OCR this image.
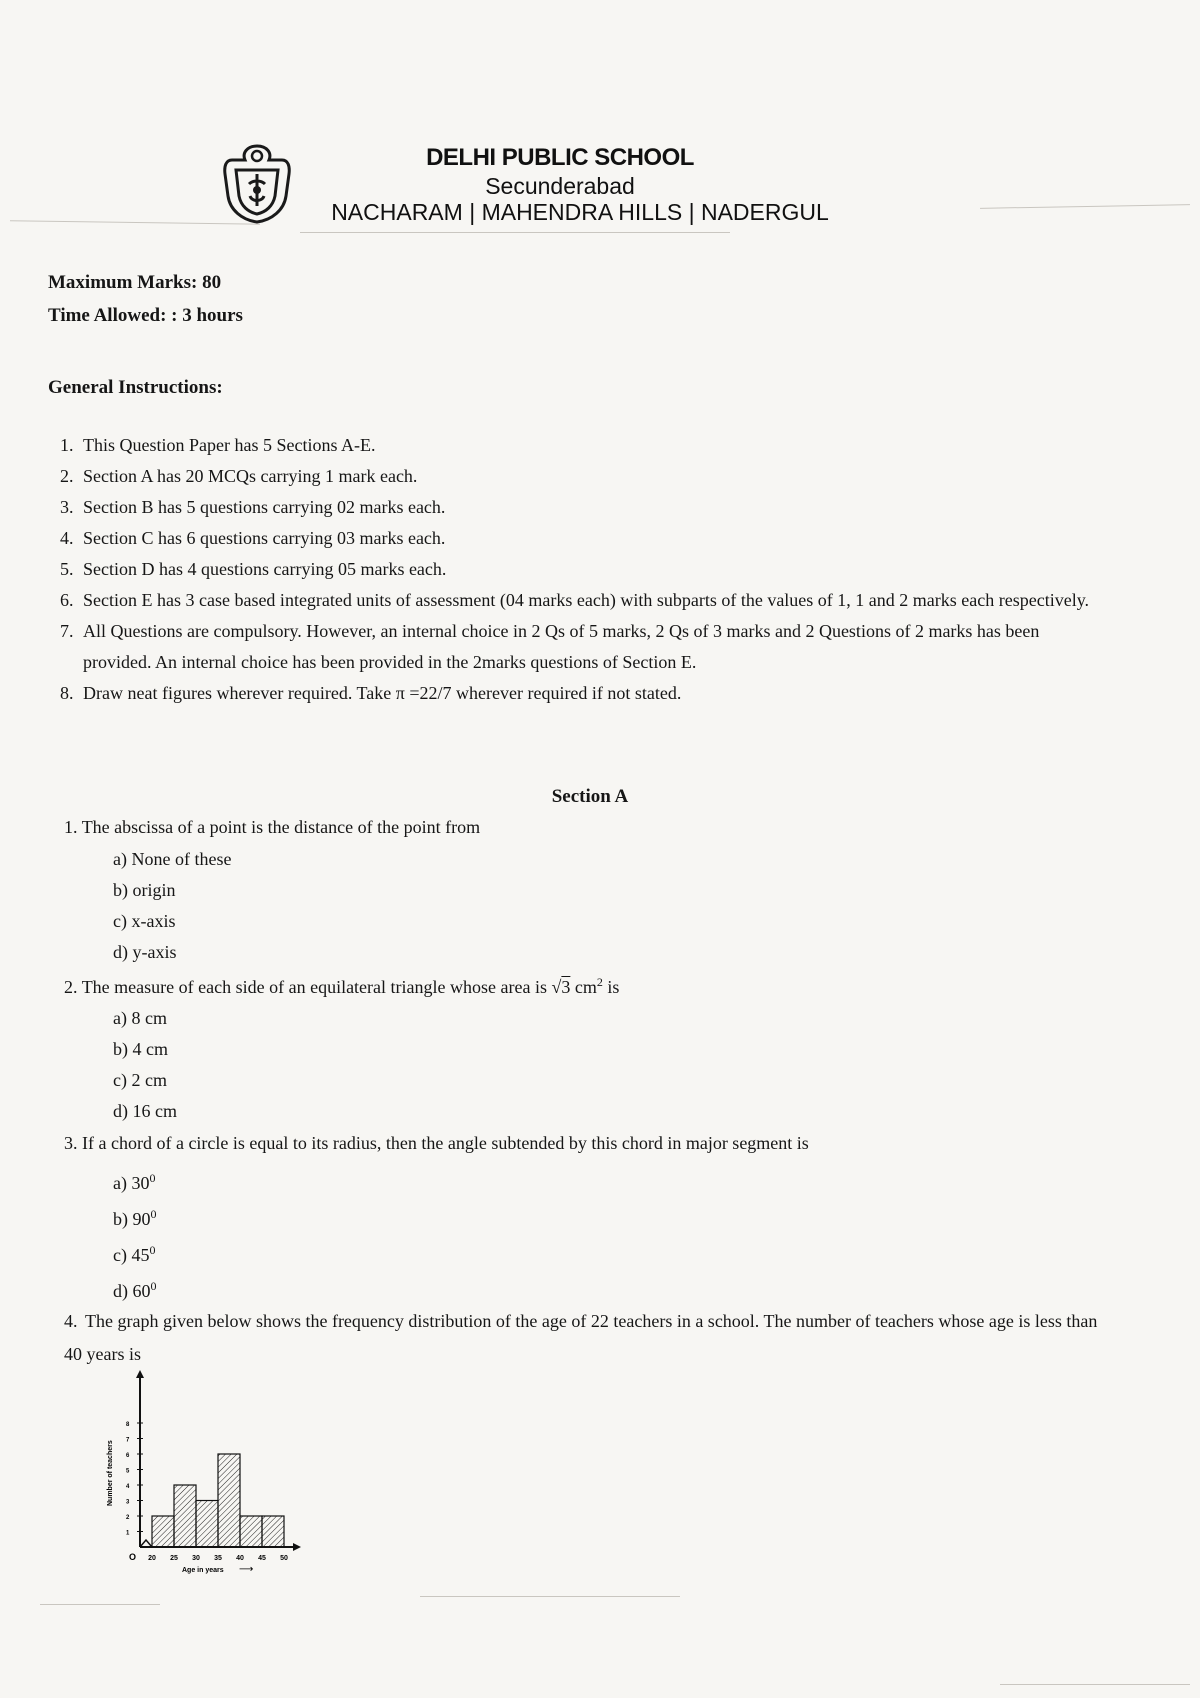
DELHI PUBLIC SCHOOL
Secunderabad
NACHARAM | MAHENDRA HILLS | NADERGUL
Maximum Marks: 80
Time Allowed: : 3 hours
General Instructions:
1. This Question Paper has 5 Sections A-E.
2. Section A has 20 MCQs carrying 1 mark each.
3. Section B has 5 questions carrying 02 marks each.
4. Section C has 6 questions carrying 03 marks each.
5. Section D has 4 questions carrying 05 marks each.
6. Section E has 3 case based integrated units of assessment (04 marks each) with subparts of the values of 1, 1 and 2 marks each respectively.
7. All Questions are compulsory. However, an internal choice in 2 Qs of 5 marks, 2 Qs of 3 marks and 2 Questions of 2 marks has been provided. An internal choice has been provided in the 2marks questions of Section E.
8. Draw neat figures wherever required. Take π =22/7 wherever required if not stated.
Section A
1. The abscissa of a point is the distance of the point from
a) None of these
b) origin
c) x-axis
d) y-axis
2. The measure of each side of an equilateral triangle whose area is √3 $cm^2$ is
a) 8 cm
b) 4 cm
c) 2 cm
d) 16 cm
3. If a chord of a circle is equal to its radius, then the angle subtended by this chord in major segment is
a) $30^0$
b) $90^0$
c) $45^0$
d) $60^0$
4. The graph given below shows the frequency distribution of the age of 22 teachers in a school. The number of teachers whose age is less than 40 years is
1
2
3
4
5
6
7
8
20 25 30 35 40 45 50
O
Age in years ⟶
Number of teachers
